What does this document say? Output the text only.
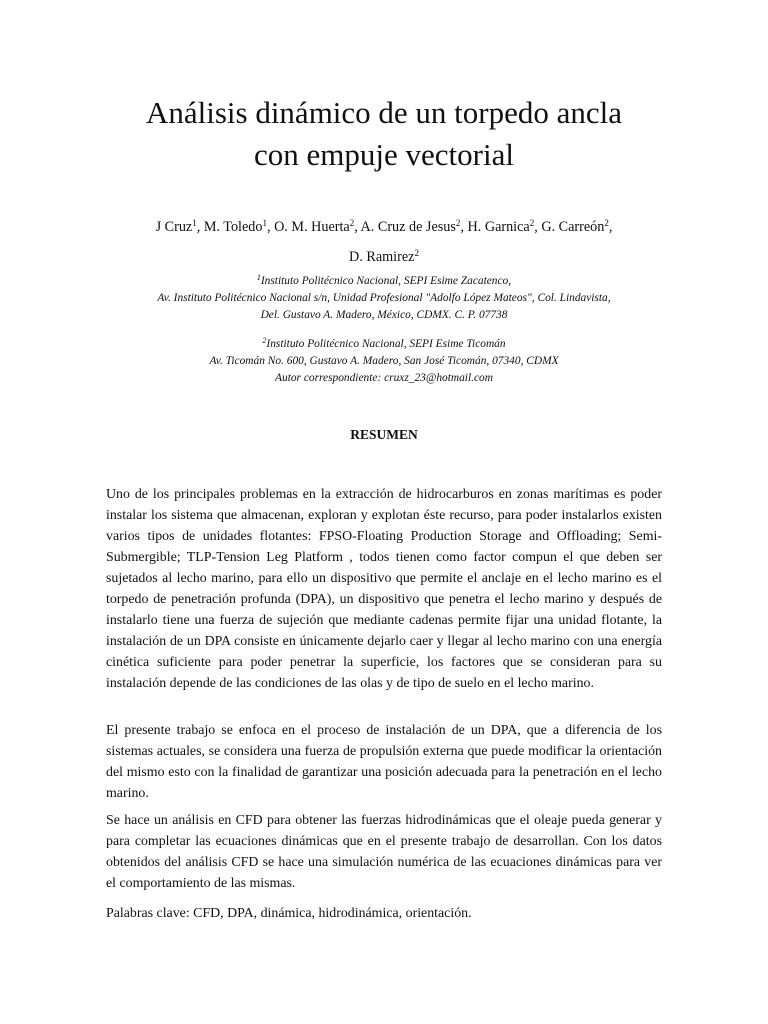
Análisis dinámico de un torpedo ancla
con empuje vectorial
J Cruz$^1$, M. Toledo$^1$, O. M. Huerta$^2$, A. Cruz de Jesus$^2$, H. Garnica$^2$, G. Carreón$^2$,
D. Ramirez$^2$
$^1$Instituto Politécnico Nacional, SEPI Esime Zacatenco,
Av. Instituto Politécnico Nacional s/n, Unidad Profesional "Adolfo López Mateos", Col. Lindavista,
Del. Gustavo A. Madero, México, CDMX. C. P. 07738
$^2$Instituto Politécnico Nacional, SEPI Esime Ticomán
Av. Ticomán No. 600, Gustavo A. Madero, San José Ticomán, 07340, CDMX
Autor correspondiente: cruxz_23@hotmail.com
RESUMEN

Uno de los principales problemas en la extracción de hidrocarburos en zonas marítimas es poder instalar los sistema que almacenan, exploran y explotan éste recurso, para poder instalarlos existen varios tipos de unidades flotantes: FPSO-Floating Production Storage and Offloading; Semi-Submergible; TLP-Tension Leg Platform , todos tienen como factor compun el que deben ser sujetados al lecho marino, para ello un dispositivo que permite el anclaje en el lecho marino es el torpedo de penetración profunda (DPA), un dispositivo que penetra el lecho marino y después de instalarlo tiene una fuerza de sujeción que mediante cadenas permite fijar una unidad flotante, la instalación de un DPA consiste en únicamente dejarlo caer y llegar al lecho marino con una energía cinética suficiente para poder penetrar la superficie, los factores que se consideran para su instalación depende de las condiciones de las olas y de tipo de suelo en el lecho marino.

El presente trabajo se enfoca en el proceso de instalación de un DPA, que a diferencia de los sistemas actuales, se considera una fuerza de propulsión externa que puede modificar la orientación del mismo esto con la finalidad de garantizar una posición adecuada para la penetración en el lecho marino.

Se hace un análisis en CFD para obtener las fuerzas hidrodinámicas que el oleaje pueda generar y para completar las ecuaciones dinámicas que en el presente trabajo de desarrollan. Con los datos obtenidos del análisis CFD se hace una simulación numérica de las ecuaciones dinámicas para ver el comportamiento de las mismas.

Palabras clave: CFD, DPA, dinámica, hidrodinámica, orientación.
